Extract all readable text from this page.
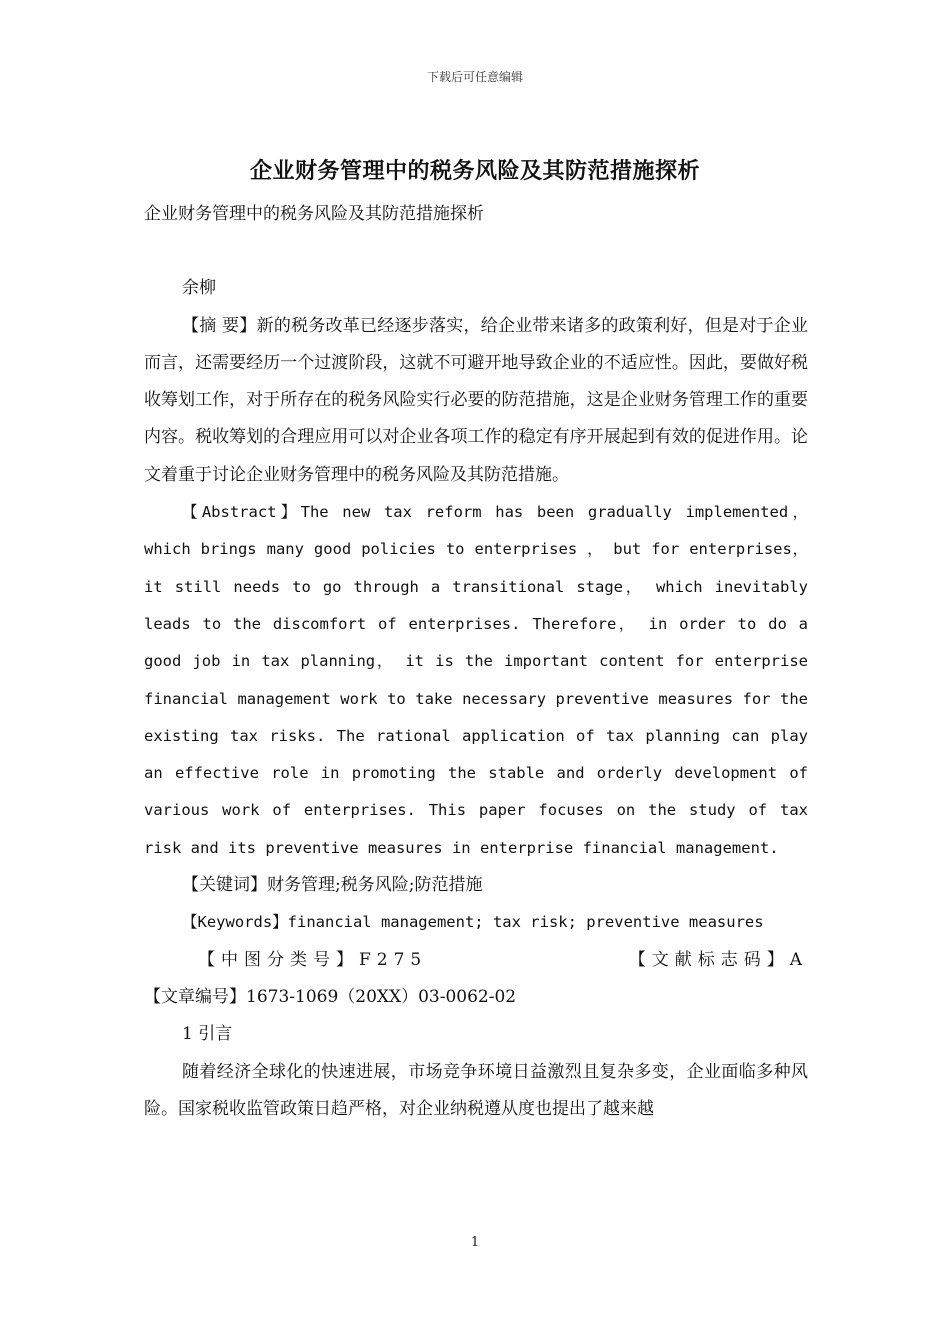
下载后可任意编辑
企业财务管理中的税务风险及其防范措施探析

企业财务管理中的税务风险及其防范措施探析

余柳

【摘 要】新的税务改革已经逐步落实，给企业带来诸多的政策利好，但是对于企业而言，还需要经历一个过渡阶段，这就不可避开地导致企业的不适应性。因此，要做好税收筹划工作，对于所存在的税务风险实行必要的防范措施，这是企业财务管理工作的重要内容。税收筹划的合理应用可以对企业各项工作的稳定有序开展起到有效的促进作用。论文着重于讨论企业财务管理中的税务风险及其防范措施。

【Abstract】The new tax reform has been gradually implemented， which brings many good policies to enterprises ， but for enterprises， it still needs to go through a transitional stage， which inevitably leads to the discomfort of enterprises. Therefore， in order to do a good job in tax planning， it is the important content for enterprise financial management work to take necessary preventive measures for the existing tax risks. The rational application of tax planning can play an effective role in promoting the stable and orderly development of various work of enterprises. This paper focuses on the study of tax risk and its preventive measures in enterprise financial management.

【关键词】财务管理;税务风险;防范措施

【Keywords】financial management; tax risk; preventive measures

【中图分类号】F275	【文献标志码】A

【文章编号】1673-1069（20XX）03-0062-02

1 引言

随着经济全球化的快速进展，市场竞争环境日益激烈且复杂多变，企业面临多种风险。国家税收监管政策日趋严格，对企业纳税遵从度也提出了越来越

1
